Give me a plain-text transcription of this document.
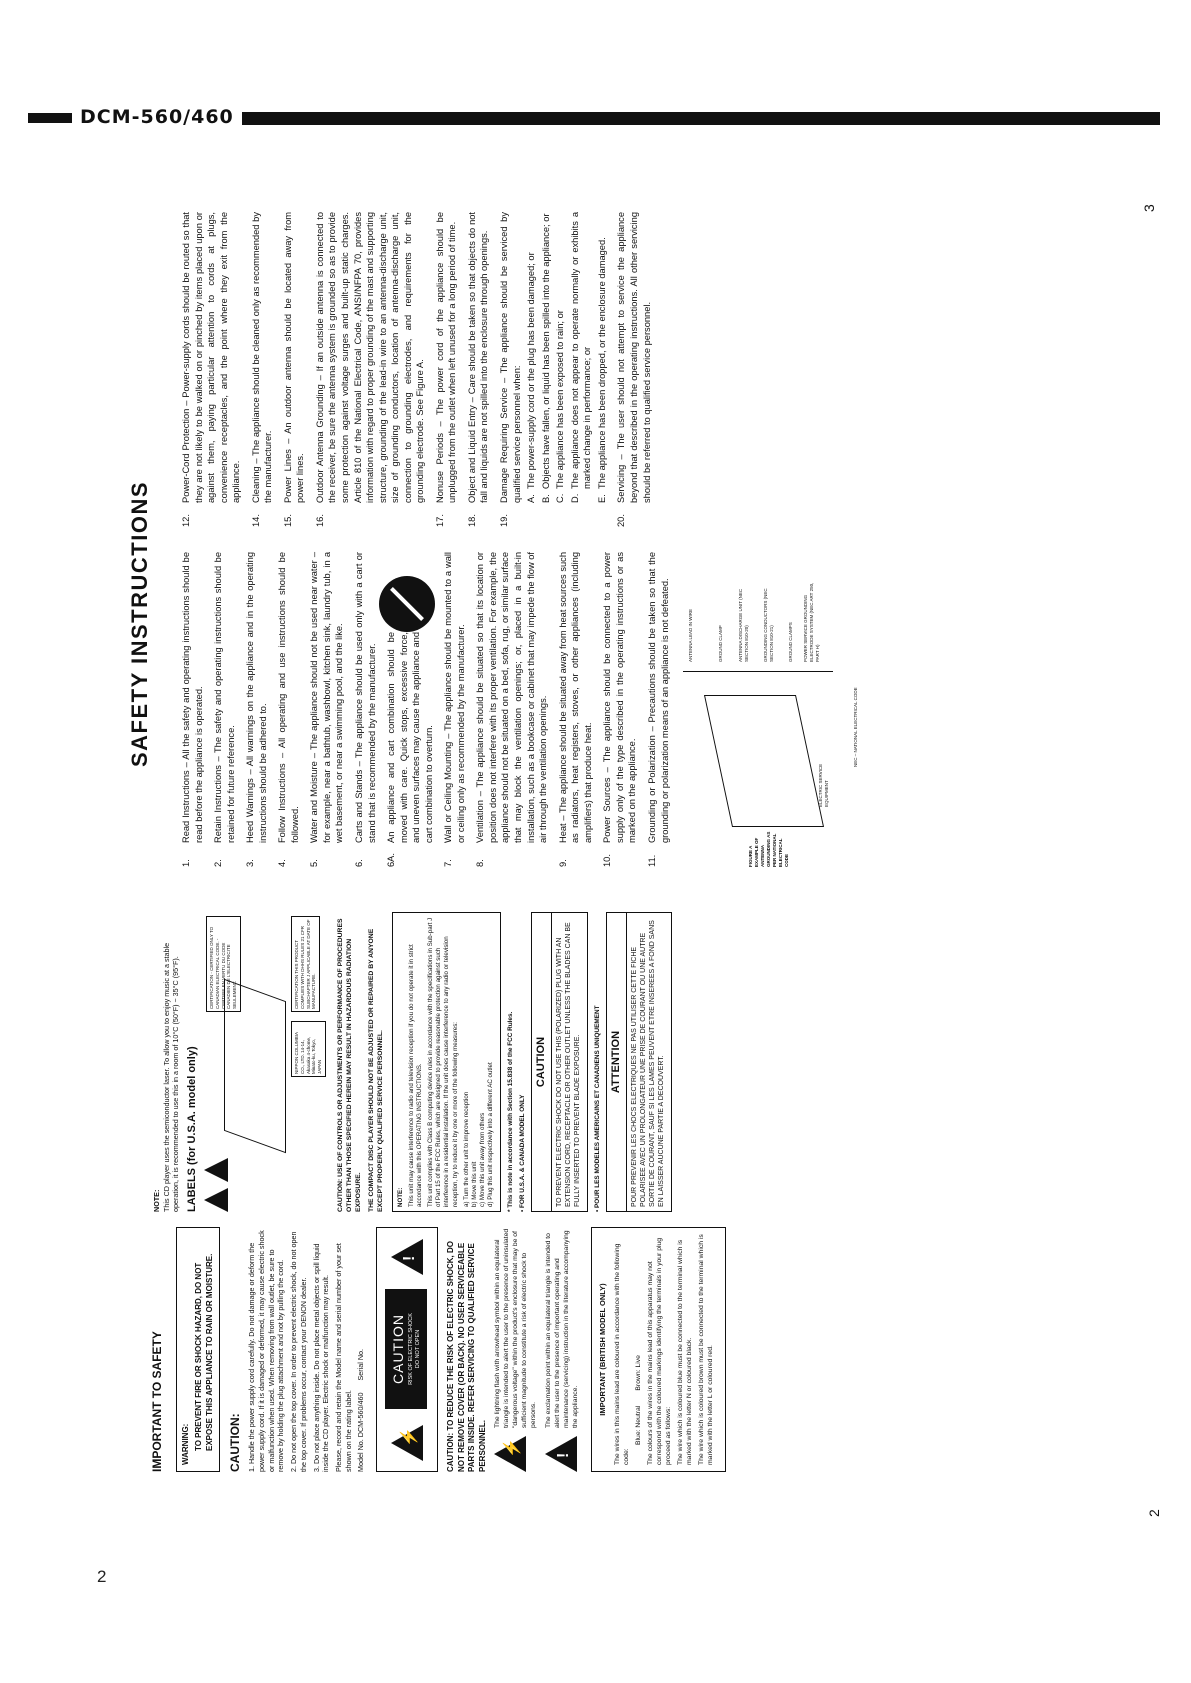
DCM-560/460
2
IMPORTANT TO SAFETY WARNING: TO PREVENT FIRE OR SHOCK HAZARD, DO NOT EXPOSE THIS APPLIANCE TO RAIN OR MOISTURE. CAUTION: 1. Handle the power supply cord carefully. Do not damage or deform the power supply cord. If it is damaged or deformed, it may cause electric shock or malfunction when used. When removing from wall outlet, be sure to remove by holding the plug attachment and not by pulling the cord. 2. Do not open the top cover. In order to prevent electric shock, do not open the top cover. If problems occur, contact your DENON dealer. 3. Do not place anything inside. Do not place metal objects or spill liquid inside the CD player. Electric shock or malfunction may result. Please, record and retain the Model name and serial number of your set shown on the rating label. Model No. DCM-560/460      Serial No.

⚡
CAUTION RISK OF ELECTRIC SHOCK DO NOT OPEN
!	CAUTION: TO REDUCE THE RISK OF ELECTRIC SHOCK, DO NOT REMOVE COVER (OR BACK). NO USER SERVICEABLE PARTS INSIDE. REFER SERVICING TO QUALIFIED SERVICE PERSONNEL. ⚡
The lightning flash with arrowhead symbol within an equilateral triangle is intended to alert the user to the presence of uninsulated "dangerous voltage" within the product's enclosure that may be of sufficient magnitude to constitute a risk of electric shock to persons.
!
The exclamation point within an equilateral triangle is intended to alert the user to the presence of important operating and maintenance (servicing) instruction in the literature accompanying the appliance.	IMPORTANT (BRITISH MODEL ONLY) The wires in this mains lead are coloured in accordance with the following code:

Blue: Neutral        Brown: Live The colours of the wires in the mains lead of this apparatus may not correspond with the coloured markings identifying the terminals in your plug proceed as follows: The wire which is coloured blue must be connected to the terminal which is marked with the letter N or coloured black. The wire which is coloured brown must be connected to the terminal which is marked with the letter L or coloured red.

NOTE: This CD player uses the semiconductor laser. To allow you to enjoy music at a stable operation, it is recommended to use this in a room of 10°C (50°F) ~ 35°C (95°F). LABELS (for U.S.A. model only)
CERTIFICATION - CERTIFIED ONLY TO CANADIAN ELECTRICAL CODE. - CERTIFIE EN VERTU DU CODE CANADIEN DE L'ELECTRICITE SEULEMENT.
NIPPON COLUMBIA CO., LTD. 14-14, Akasaka 4-chome, Minato-ku, Tokyo, JAPAN
CERTIFICATION THIS PRODUCT COMPLIES WITH DHHS RULES 21 CFR SUBCHAPTER J APPLICABLE AT DATE OF MANUFACTURE.	CAUTION: USE OF CONTROLS OR ADJUSTMENTS OR PERFORMANCE OF PROCEDURES OTHER THAN THOSE SPECIFIED HEREIN MAY RESULT IN HAZARDOUS RADIATION EXPOSURE. THE COMPACT DISC PLAYER SHOULD NOT BE ADJUSTED OR REPAIRED BY ANYONE EXCEPT PROPERLY QUALIFIED SERVICE PERSONNEL.	NOTE: This unit may cause interference to radio and television reception if you do not operate it in strict accordance with this OPERATING INSTRUCTIONS. This unit complies with Class B computing device rules in accordance with the specifications in Sub-part J of Part 15 of the FCC Rules, which are designed to provide reasonable protection against such interference in a residential installation. If the unit does cause interference to any radio or television reception, try to reduce it by one or more of the following measures: a) Turn the other unit to improve reception b) Move this unit c) Move this unit away from others d) Plug this unit respectively into a different AC outlet * This is note in accordance with Section 15.838 of the FCC Rules. • FOR U.S.A. & CANADA MODEL ONLY
CAUTION	TO PREVENT ELECTRIC SHOCK DO NOT USE THIS (POLARIZED) PLUG WITH AN EXTENSION CORD, RECEPTACLE OR OTHER OUTLET UNLESS THE BLADES CAN BE FULLY INSERTED TO PREVENT BLADE EXPOSURE.
• POUR LES MODELES AMERICAINS ET CANADIENS UNIQUEMENT ATTENTION	POUR PREVENIR LES CHOCS ELECTRIQUES NE PAS UTILISER CETTE FICHE POLARISEE AVEC UN PROLONGATEUR UNE PRISE DE COURANT OU UNE AUTRE SORTIE DE COURANT, SAUF SI LES LAMES PEUVENT ETRE INSEREES A FOND SANS EN LAISSER AUCUNE PARTIE A DECOUVERT.
SAFETY INSTRUCTIONS
1.
Read Instructions – All the safety and operating instructions should be read before the appliance is operated.
2.
Retain Instructions – The safety and operating instructions should be retained for future reference.
3.
Heed Warnings – All warnings on the appliance and in the operating instructions should be adhered to.
4.
Follow Instructions – All operating and use instructions should be followed.
5.
Water and Moisture – The appliance should not be used near water – for example, near a bathtub, washbowl, kitchen sink, laundry tub, in a wet basement, or near a swimming pool, and the like.
6.
Carts and Stands – The appliance should be used only with a cart or stand that is recommended by the manufacturer.
6A.
An appliance and cart combination should be moved with care. Quick stops, excessive force, and uneven surfaces may cause the appliance and cart combination to overturn.
7.
Wall or Ceiling Mounting – The appliance should be mounted to a wall or ceiling only as recommended by the manufacturer.
8.
Ventilation – The appliance should be situated so that its location or position does not interfere with its proper ventilation. For example, the appliance should not be situated on a bed, sofa, rug, or similar surface that may block the ventilation openings; or, placed in a built-in installation, such as a bookcase or cabinet that may impede the flow of air through the ventilation openings.
9.
Heat – The appliance should be situated away from heat sources such as radiators, heat registers, stoves, or other appliances (including amplifiers) that produce heat.
10.
Power Sources – The appliance should be connected to a power supply only of the type described in the operating instructions or as marked on the appliance.
11.
Grounding or Polarization – Precautions should be taken so that the grounding or polarization means of an appliance is not defeated.
FIGURE A EXAMPLE OF ANTENNA GROUNDING AS PER NATIONAL ELECTRICAL CODE
ANTENNA LEAD IN WIRE	GROUND CLAMP	ANTENNA DISCHARGE UNIT (NEC SECTION 810-20)	GROUNDING CONDUCTORS (NEC SECTION 810-21)	GROUND CLAMPS POWER SERVICE GROUNDING ELECTRODE SYSTEM (NEC ART 250, PART H)
ELECTRIC SERVICE EQUIPMENT
NEC – NATIONAL ELECTRICAL CODE
12.
Power-Cord Protection – Power-supply cords should be routed so that they are not likely to be walked on or pinched by items placed upon or against them, paying particular attention to cords at plugs, convenience receptacles, and the point where they exit from the appliance.
14.
Cleaning – The appliance should be cleaned only as recommended by the manufacturer.
15.
Power Lines – An outdoor antenna should be located away from power lines.
16.
Outdoor Antenna Grounding – If an outside antenna is connected to the receiver, be sure the antenna system is grounded so as to provide some protection against voltage surges and built-up static charges. Article 810 of the National Electrical Code, ANSI/NFPA 70, provides information with regard to proper grounding of the mast and supporting structure, grounding of the lead-in wire to an antenna-discharge unit, size of grounding conductors, location of antenna-discharge unit, connection to grounding electrodes, and requirements for the grounding electrode. See Figure A.
17.
Nonuse Periods – The power cord of the appliance should be unplugged from the outlet when left unused for a long period of time.
18.
Object and Liquid Entry – Care should be taken so that objects do not fall and liquids are not spilled into the enclosure through openings.
19.
Damage Requiring Service – The appliance should be serviced by qualified service personnel when: A.
The power-supply cord or the plug has been damaged; or
B.
Objects have fallen, or liquid has been spilled into the appliance; or
C.
The appliance has been exposed to rain; or
D.
The appliance does not appear to operate normally or exhibits a marked change in performance; or
E.
The appliance has been dropped, or the enclosure damaged.
20.
Servicing – The user should not attempt to service the appliance beyond that described in the operating instructions. All other servicing should be referred to qualified service personnel.
2
3
